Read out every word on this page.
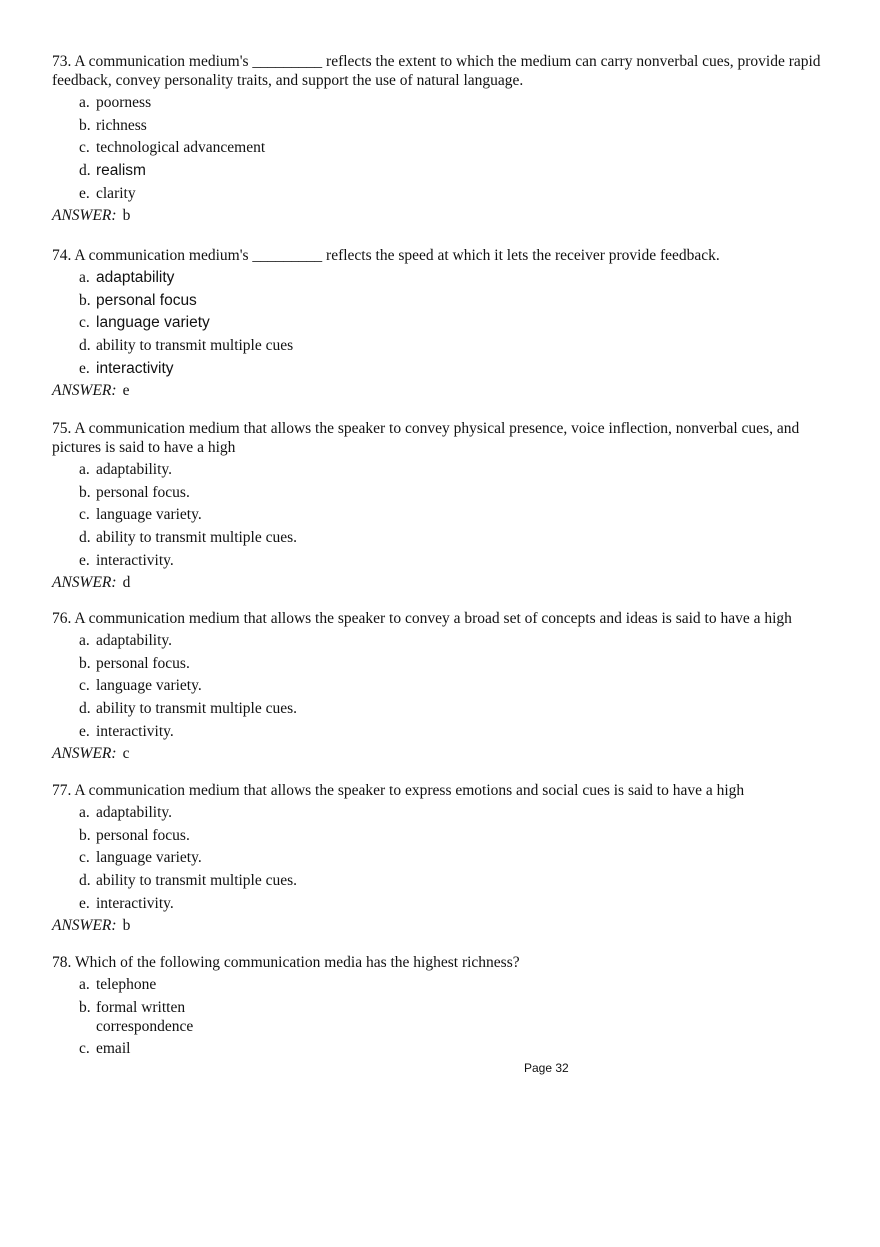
73. A communication medium's _________ reflects the extent to which the medium can carry nonverbal cues, provide rapid feedback, convey personality traits, and support the use of natural language.

a. poorness
b. richness
c. technological advancement
d. realism
e. clarity
ANSWER: b

74. A communication medium's _________ reflects the speed at which it lets the receiver provide feedback.

a. adaptability
b. personal focus
c. language variety
d. ability to transmit multiple cues
e. interactivity
ANSWER: e

75. A communication medium that allows the speaker to convey physical presence, voice inflection, nonverbal cues, and pictures is said to have a high

a. adaptability.
b. personal focus.
c. language variety.
d. ability to transmit multiple cues.
e. interactivity.
ANSWER: d

76. A communication medium that allows the speaker to convey a broad set of concepts and ideas is said to have a high

a. adaptability.
b. personal focus.
c. language variety.
d. ability to transmit multiple cues.
e. interactivity.
ANSWER: c

77. A communication medium that allows the speaker to express emotions and social cues is said to have a high

a. adaptability.
b. personal focus.
c. language variety.
d. ability to transmit multiple cues.
e. interactivity.
ANSWER: b

78. Which of the following communication media has the highest richness?

a. telephone
b. formal written correspondence
c. email
Page 32
